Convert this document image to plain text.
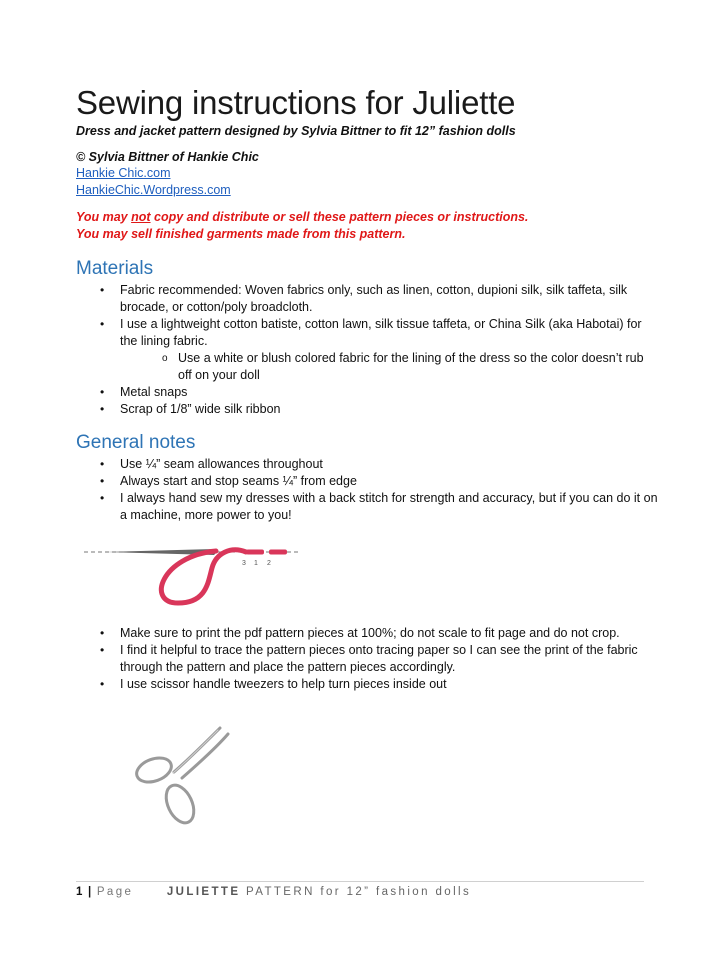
Sewing instructions for Juliette
Dress and jacket pattern designed by Sylvia Bittner to fit 12” fashion dolls
© Sylvia Bittner of Hankie Chic
Hankie Chic.com
HankieChic.Wordpress.com
You may not copy and distribute or sell these pattern pieces or instructions.
You may sell finished garments made from this pattern.
Materials
• Fabric recommended: Woven fabrics only, such as linen, cotton, dupioni silk, silk taffeta, silk brocade, or cotton/poly broadcloth.
• I use a lightweight cotton batiste, cotton lawn, silk tissue taffeta, or China Silk (aka Habotai) for the lining fabric.
o Use a white or blush colored fabric for the lining of the dress so the color doesn’t rub off on your doll
• Metal snaps
• Scrap of 1/8” wide silk ribbon
General notes
• Use ¼” seam allowances throughout
• Always start and stop seams ¼” from edge
• I always hand sew my dresses with a back stitch for strength and accuracy, but if you can do it on a machine, more power to you!
3 1 2
• Make sure to print the pdf pattern pieces at 100%; do not scale to fit page and do not crop.
• I find it helpful to trace the pattern pieces onto tracing paper so I can see the print of the fabric through the pattern and place the pattern pieces accordingly.
• I use scissor handle tweezers to help turn pieces inside out
1 | Page	JULIETTE PATTERN for 12” fashion dolls
